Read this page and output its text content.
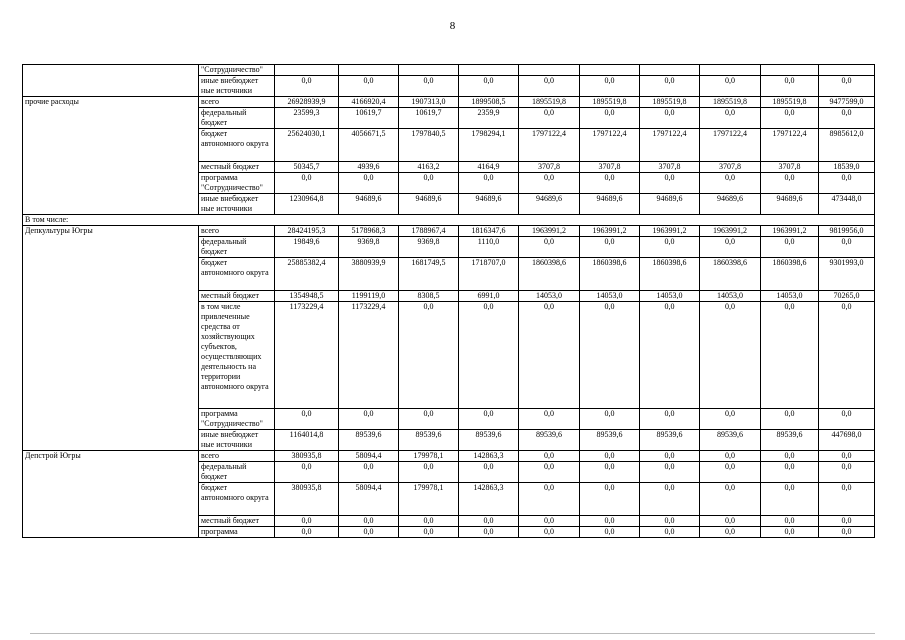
8
	"Сотрудничество"										
	иные внебюджет ные источники	0,0	0,0	0,0	0,0	0,0	0,0	0,0	0,0	0,0	0,0
прочие расходы	всего	26928939,9	4166920,4	1907313,0	1899508,5	1895519,8	1895519,8	1895519,8	1895519,8	1895519,8	9477599,0
	федеральный бюджет	23599,3	10619,7	10619,7	2359,9	0,0	0,0	0,0	0,0	0,0	0,0
	бюджет автономного округа	25624030,1	4056671,5	1797840,5	1798294,1	1797122,4	1797122,4	1797122,4	1797122,4	1797122,4	8985612,0
	местный бюджет	50345,7	4939,6	4163,2	4164,9	3707,8	3707,8	3707,8	3707,8	3707,8	18539,0
	программа "Сотрудничество"	0,0	0,0	0,0	0,0	0,0	0,0	0,0	0,0	0,0	0,0
	иные внебюджет ные источники	1230964,8	94689,6	94689,6	94689,6	94689,6	94689,6	94689,6	94689,6	94689,6	473448,0
В том числе:											
Депкультуры Югры	всего	28424195,3	5178968,3	1788967,4	1816347,6	1963991,2	1963991,2	1963991,2	1963991,2	1963991,2	9819956,0
	федеральный бюджет	19849,6	9369,8	9369,8	1110,0	0,0	0,0	0,0	0,0	0,0	0,0
	бюджет автономного округа	25885382,4	3880939,9	1681749,5	1718707,0	1860398,6	1860398,6	1860398,6	1860398,6	1860398,6	9301993,0
	местный бюджет	1354948,5	1199119,0	8308,5	6991,0	14053,0	14053,0	14053,0	14053,0	14053,0	70265,0
	в том числе привлеченные средства от хозяйствующих субъектов, осуществляющих деятельность на территории автономного округа	1173229,4	1173229,4	0,0	0,0	0,0	0,0	0,0	0,0	0,0	0,0
	программа "Сотрудничество"	0,0	0,0	0,0	0,0	0,0	0,0	0,0	0,0	0,0	0,0
	иные внебюджет ные источники	1164014,8	89539,6	89539,6	89539,6	89539,6	89539,6	89539,6	89539,6	89539,6	447698,0
Депстрой Югры	всего	380935,8	58094,4	179978,1	142863,3	0,0	0,0	0,0	0,0	0,0	0,0
	федеральный бюджет	0,0	0,0	0,0	0,0	0,0	0,0	0,0	0,0	0,0	0,0
	бюджет автономного округа	380935,8	58094,4	179978,1	142863,3	0,0	0,0	0,0	0,0	0,0	0,0
	местный бюджет	0,0	0,0	0,0	0,0	0,0	0,0	0,0	0,0	0,0	0,0
	программа	0,0	0,0	0,0	0,0	0,0	0,0	0,0	0,0	0,0	0,0
